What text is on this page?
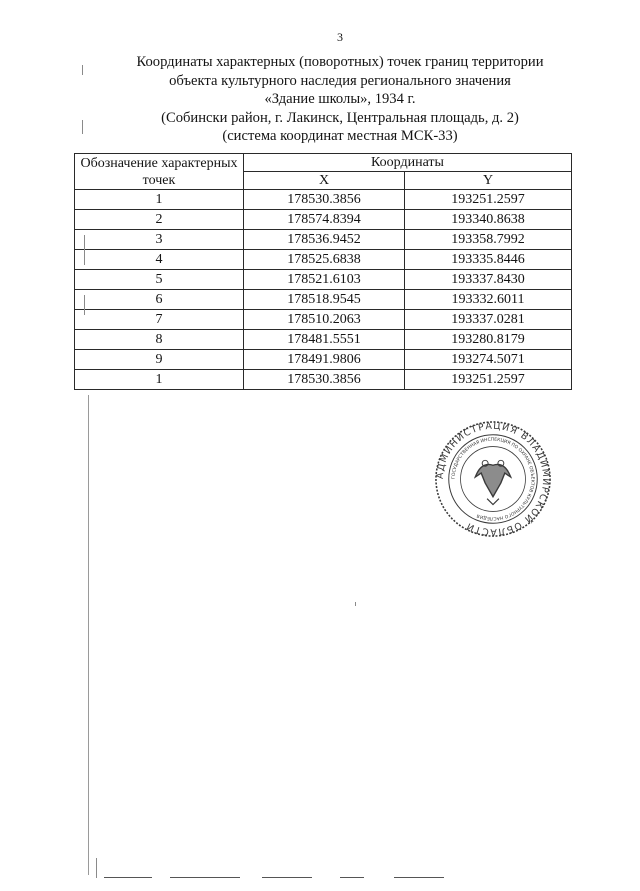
3
Координаты характерных (поворотных) точек границ территории
объекта культурного наследия регионального значения
«Здание школы», 1934 г.
(Собински район, г. Лакинск, Центральная площадь, д. 2)
(система координат местная МСК-33)
Обозначение характерных точек	Координаты	
	X	Y
1	178530.3856	193251.2597
2	178574.8394	193340.8638
3	178536.9452	193358.7992
4	178525.6838	193335.8446
5	178521.6103	193337.8430
6	178518.9545	193332.6011
7	178510.2063	193337.0281
8	178481.5551	193280.8179
9	178491.9806	193274.5071
1	178530.3856	193251.2597
АДМИНИСТРАЦИЯ ВЛАДИМИРСКОЙ ОБЛАСТИ
ГОСУДАРСТВЕННАЯ ИНСПЕКЦИЯ ПО ОХРАНЕ ОБЪЕКТОВ КУЛЬТУРНОГО НАСЛЕДИЯ
